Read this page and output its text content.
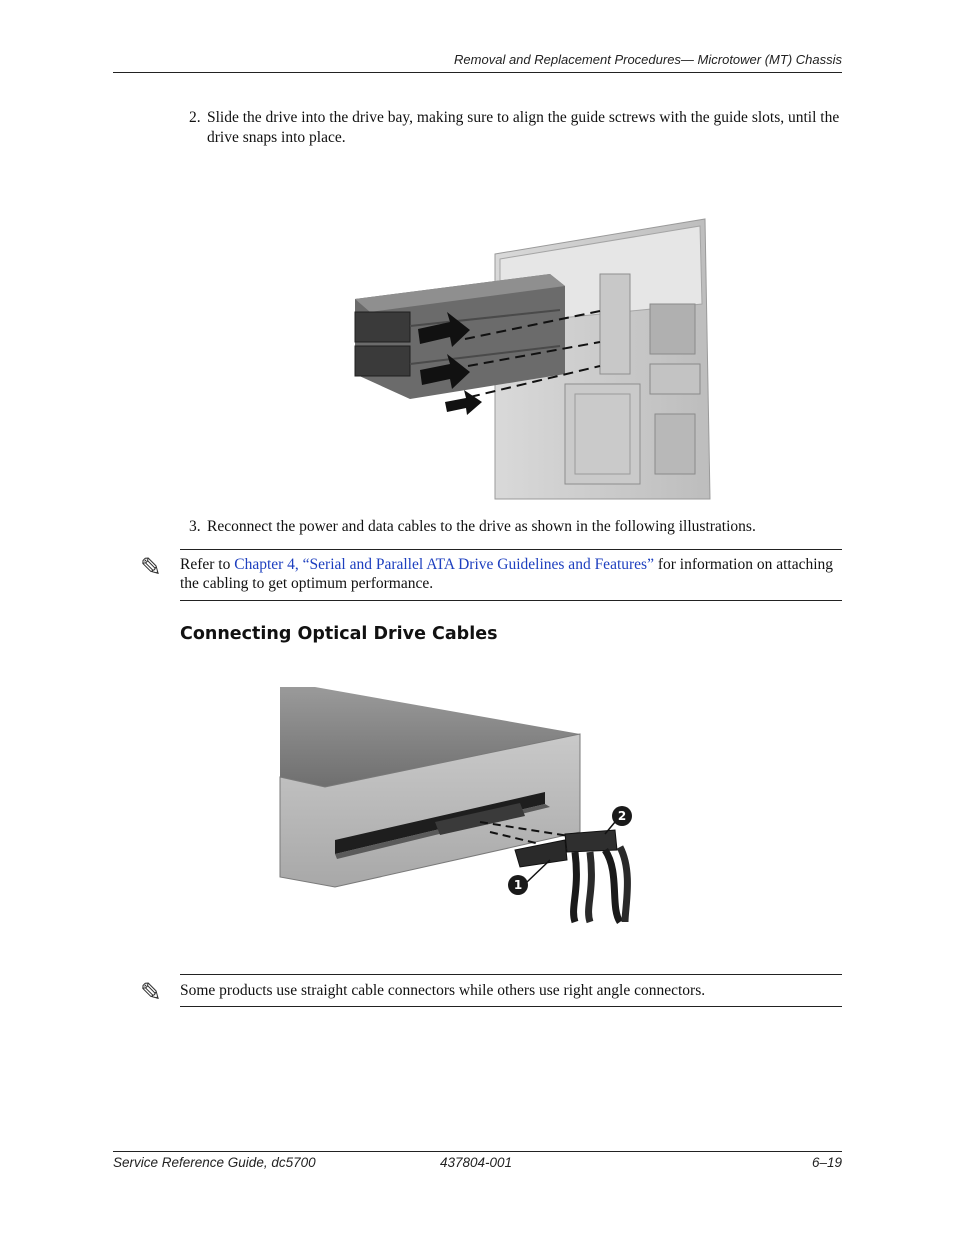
Removal and Replacement Procedures— Microtower (MT) Chassis
2. Slide the drive into the drive bay, making sure to align the guide sctrews with the guide slots, until the drive snaps into place.
3. Reconnect the power and data cables to the drive as shown in the following illustrations.
✎ Refer to Chapter 4, “Serial and Parallel ATA Drive Guidelines and Features” for information on attaching the cabling to get optimum performance.
Connecting Optical Drive Cables
1
2
✎ Some products use straight cable connectors while others use right angle connectors.
Service Reference Guide, dc5700	437804-001	6–19
